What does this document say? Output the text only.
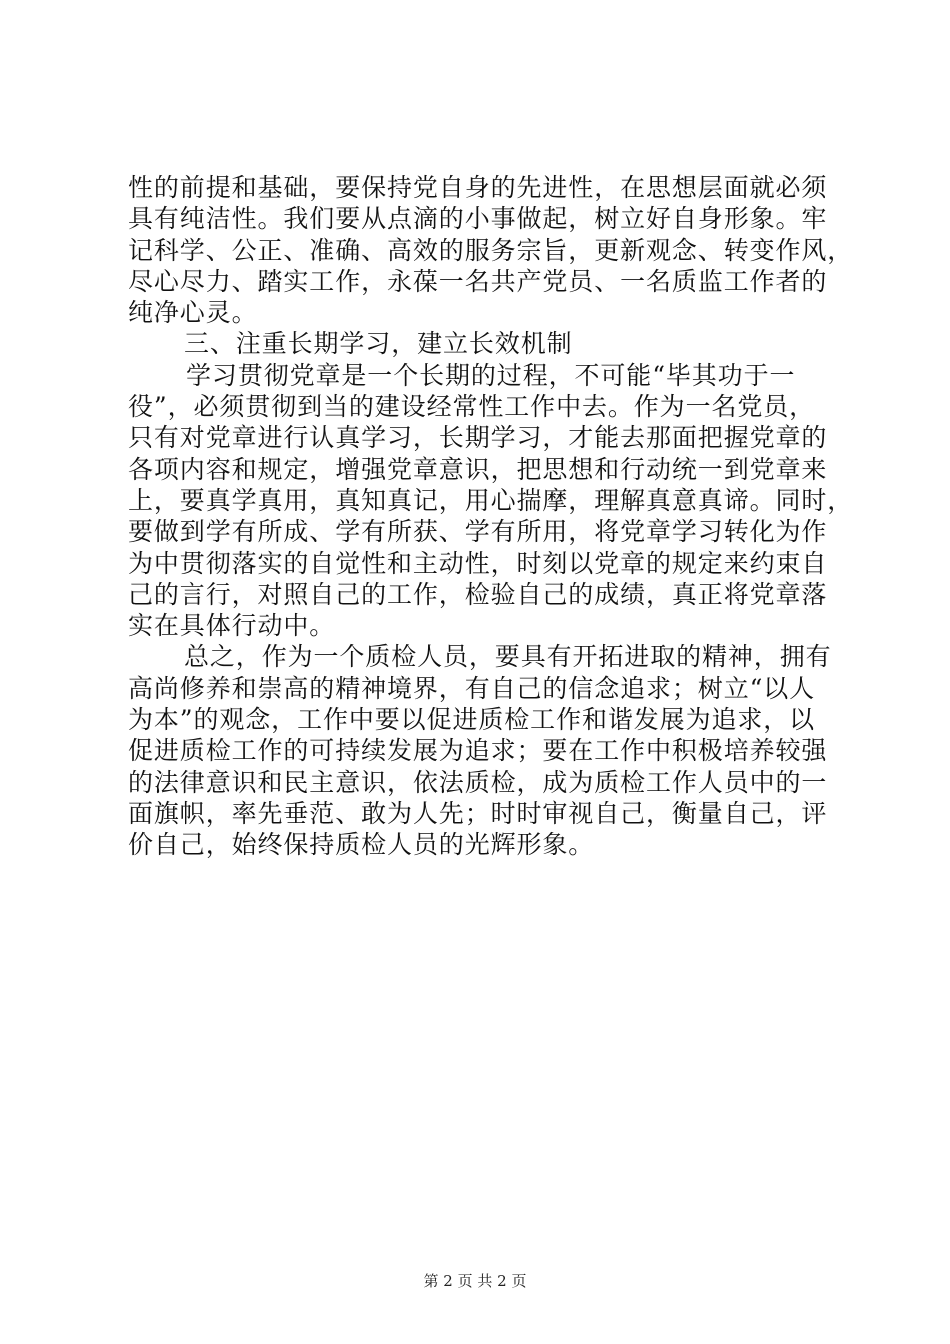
性的前提和基础，要保持党自身的先进性，在思想层面就必须
具有纯洁性。我们要从点滴的小事做起，树立好自身形象。牢
记科学、公正、准确、高效的服务宗旨，更新观念、转变作风，
尽心尽力、踏实工作，永葆一名共产党员、一名质监工作者的
纯净心灵。
三、注重长期学习，建立长效机制
学习贯彻党章是一个长期的过程，不可能“毕其功于一
役”，必须贯彻到当的建设经常性工作中去。作为一名党员，
只有对党章进行认真学习，长期学习，才能去那面把握党章的
各项内容和规定，增强党章意识，把思想和行动统一到党章来
上，要真学真用，真知真记，用心揣摩，理解真意真谛。同时，
要做到学有所成、学有所获、学有所用，将党章学习转化为作
为中贯彻落实的自觉性和主动性，时刻以党章的规定来约束自
己的言行，对照自己的工作，检验自己的成绩，真正将党章落
实在具体行动中。
总之，作为一个质检人员，要具有开拓进取的精神，拥有
高尚修养和崇高的精神境界，有自己的信念追求；树立“以人
为本”的观念，工作中要以促进质检工作和谐发展为追求，以
促进质检工作的可持续发展为追求；要在工作中积极培养较强
的法律意识和民主意识，依法质检，成为质检工作人员中的一
面旗帜，率先垂范、敢为人先；时时审视自己，衡量自己，评
价自己，始终保持质检人员的光辉形象。
第 2 页 共 2 页
